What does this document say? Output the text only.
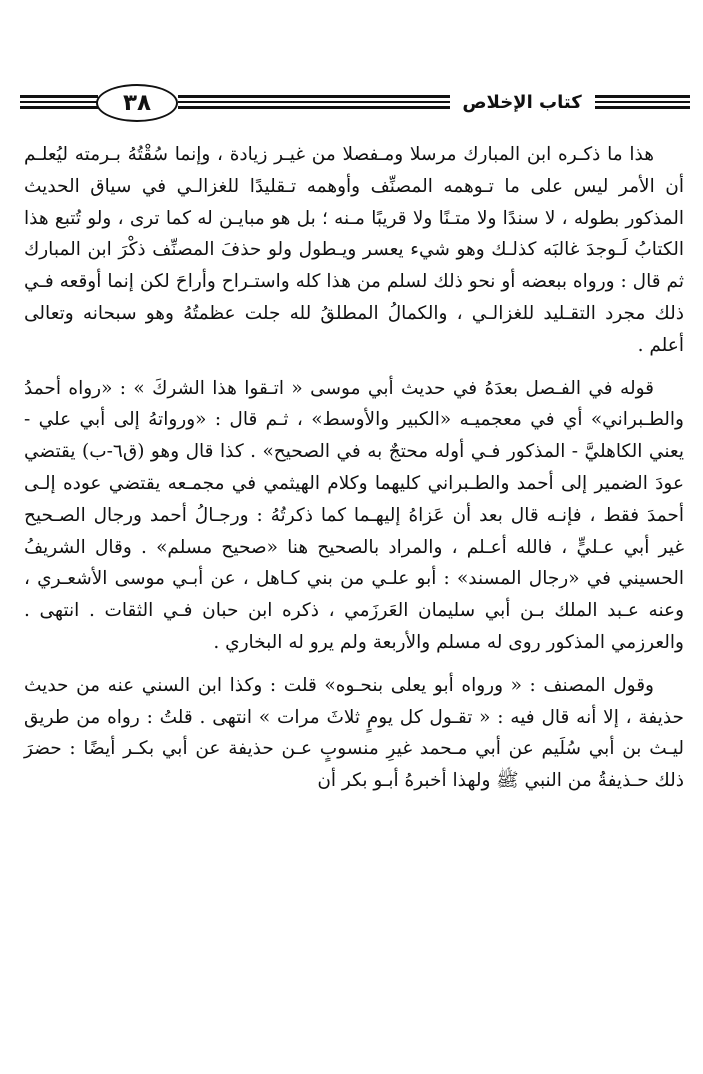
٣٨	كتاب الإخلاص

هذا ما ذكـره ابن المبارك مرسلا ومـفصلا من غيـر زيادة ، وإنما سُقْتُهُ بـرمته ليُعلـم أن الأمر ليس على ما تـوهمه المصنِّف وأوهمه تـقليدًا للغزالـي في سياق الحديث المذكور بطوله ، لا سندًا ولا متـنًا ولا قريبًا مـنه ؛ بل هو مبايـن له كما ترى ، ولو تُتبع هذا الكتابُ لَـوجدَ غالبَه كذلـك وهو شيء يعسر ويـطول ولو حذفَ المصنِّف ذكْرَ ابن المبارك ثم قال : ورواه ببعضه أو نحو ذلك لسلم من هذا كله واستـراح وأراحَ لكن إنما أوقعه فـي ذلك مجرد التقـليد للغزالـي ، والكمالُ المطلقُ لله جلت عظمتُهُ وهو سبحانه وتعالى أعلم .

قوله في الفـصل بعدَهُ في حديث أبي موسى « اتـقوا هذا الشركَ » : «رواه أحمدُ والطـبراني» أي في معجميـه «الكبير والأوسط» ، ثـم قال : «ورواتهُ إلى أبي علي - يعني الكاهليَّ - المذكور فـي أوله محتجٌ به في الصحيح» . كذا قال وهو (ق٦-ب) يقتضي عودَ الضمير إلى أحمد والطـبراني كليهما وكلام الهيثمي في مجمـعه يقتضي عوده إلـى أحمدَ فقط ، فإنـه قال بعد أن عَزاهُ إليهـما كما ذكرتُهُ : ورجـالُ أحمد ورجال الصـحيح غير أبي عـليٍّ ، فالله أعـلم ، والمراد بالصحيح هنا «صحيح مسلم» . وقال الشريفُ الحسيني في «رجال المسند» : أبو علـي من بني كـاهل ، عن أبـي موسى الأشعـري ، وعنه عـبد الملك بـن أبي سليمان العَرزَمي ، ذكره ابن حبان فـي الثقات . انتهى . والعرزمي المذكور روى له مسلم والأربعة ولم يرو له البخاري .

وقول المصنف : « ورواه أبو يعلى بنحـوه» قلت : وكذا ابن السني عنه من حديث حذيفة ، إلا أنه قال فيه : « تقـول كل يومٍ ثلاثَ مرات » انتهى . قلتُ : رواه من طريق ليـث بن أبي سُلَيم عن أبي مـحمد غيرِ منسوبٍ عـن حذيفة عن أبي بكـر أيضًا : حضرَ ذلك حـذيفةُ من النبي ﷺ ولهذا أخبرهُ أبـو بكر أن
